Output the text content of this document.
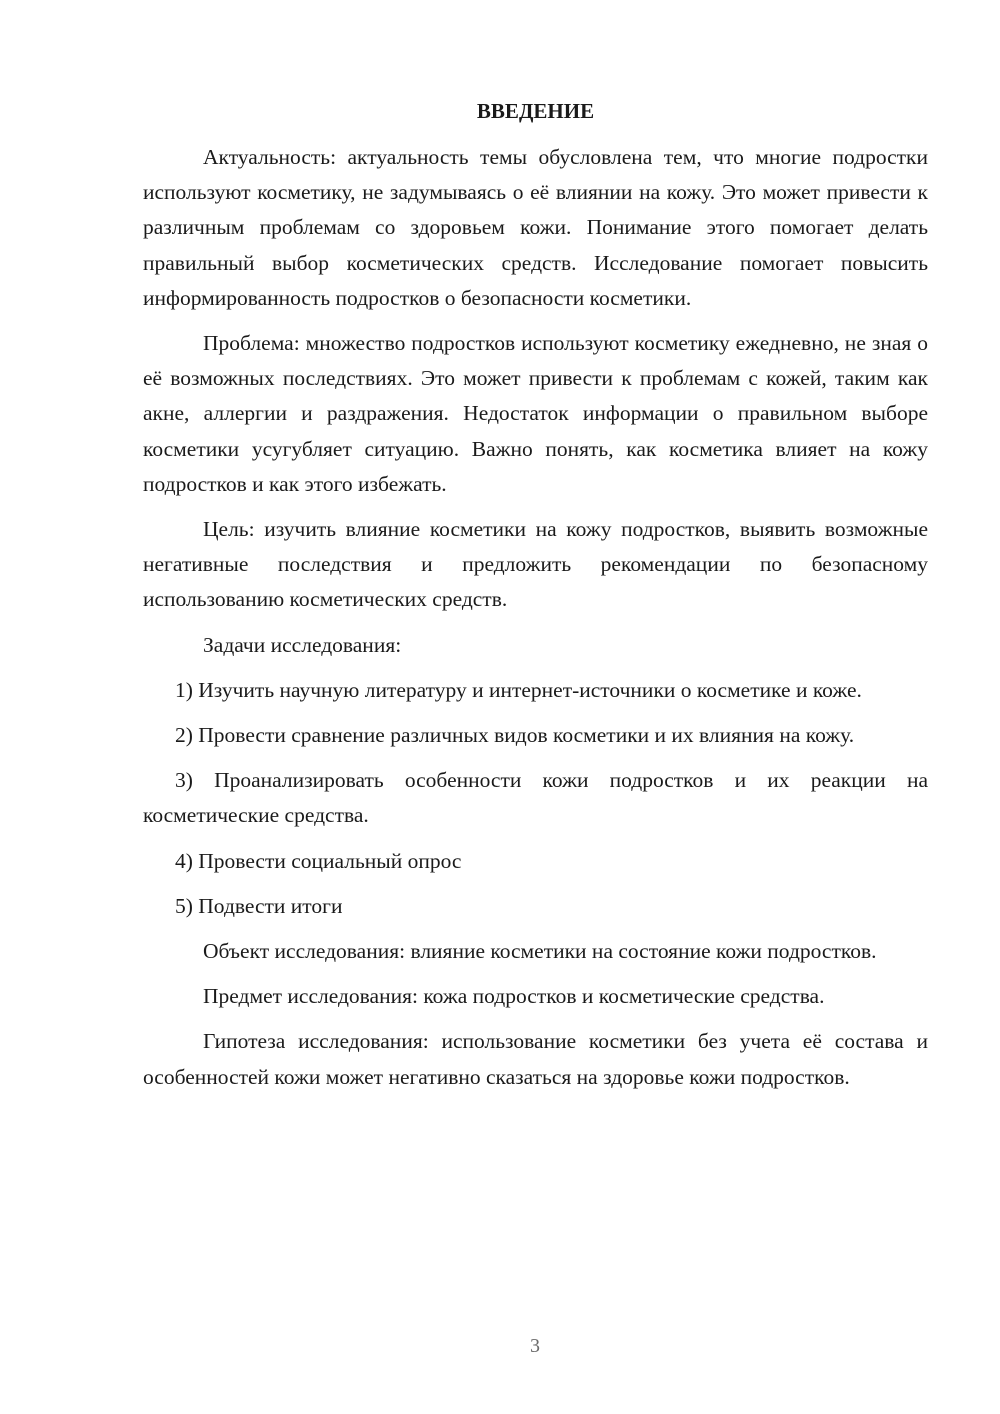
ВВЕДЕНИЕ

Актуальность: актуальность темы обусловлена тем, что многие подростки используют косметику, не задумываясь о её влиянии на кожу. Это может привести к различным проблемам со здоровьем кожи. Понимание этого помогает делать правильный выбор косметических средств. Исследование помогает повысить информированность подростков о безопасности косметики.

Проблема: множество подростков используют косметику ежедневно, не зная о её возможных последствиях. Это может привести к проблемам с кожей, таким как акне, аллергии и раздражения. Недостаток информации о правильном выборе косметики усугубляет ситуацию. Важно понять, как косметика влияет на кожу подростков и как этого избежать.

Цель: изучить влияние косметики на кожу подростков, выявить возможные негативные последствия и предложить рекомендации по безопасному использованию косметических средств.

Задачи исследования:

1) Изучить научную литературу и интернет-источники о косметике и коже.

2) Провести сравнение различных видов косметики и их влияния на кожу.

3) Проанализировать особенности кожи подростков и их реакции на косметические средства.

4) Провести социальный опрос

5) Подвести итоги

Объект исследования: влияние косметики на состояние кожи подростков.

Предмет исследования: кожа подростков и косметические средства.

Гипотеза исследования: использование косметики без учета её состава и особенностей кожи может негативно сказаться на здоровье кожи подростков.

3
